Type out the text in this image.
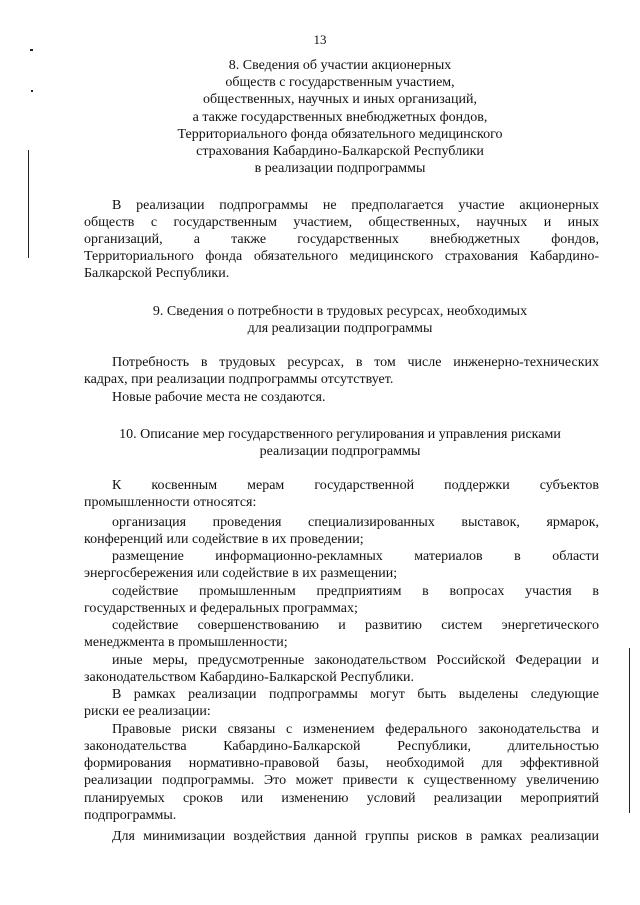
13
8. Сведения об участии акционерных
обществ с государственным участием,
общественных, научных и иных организаций,
а также государственных внебюджетных фондов,
Территориального фонда обязательного медицинского
страхования Кабардино-Балкарской Республики
в реализации подпрограммы
В реализации подпрограммы не предполагается участие акционерных
обществ с государственным участием, общественных, научных и иных
организаций, а также государственных внебюджетных фондов,
Территориального фонда обязательного медицинского страхования Кабардино-
Балкарской Республики.
9. Сведения о потребности в трудовых ресурсах, необходимых
для реализации подпрограммы
Потребность в трудовых ресурсах, в том числе инженерно-технических
кадрах, при реализации подпрограммы отсутствует.
Новые рабочие места не создаются.
10. Описание мер государственного регулирования и управления рисками
реализации подпрограммы
К косвенным мерам государственной поддержки субъектов
промышленности относятся:
организация проведения специализированных выставок, ярмарок,
конференций или содействие в их проведении;
размещение информационно-рекламных материалов в области
энергосбережения или содействие в их размещении;
содействие промышленным предприятиям в вопросах участия в
государственных и федеральных программах;
содействие совершенствованию и развитию систем энергетического
менеджмента в промышленности;
иные меры, предусмотренные законодательством Российской Федерации и
законодательством Кабардино-Балкарской Республики.
В рамках реализации подпрограммы могут быть выделены следующие
риски ее реализации:
Правовые риски связаны с изменением федерального законодательства и
законодательства Кабардино-Балкарской Республики, длительностью
формирования нормативно-правовой базы, необходимой для эффективной
реализации подпрограммы. Это может привести к существенному увеличению
планируемых сроков или изменению условий реализации мероприятий
подпрограммы.
Для минимизации воздействия данной группы рисков в рамках реализации
